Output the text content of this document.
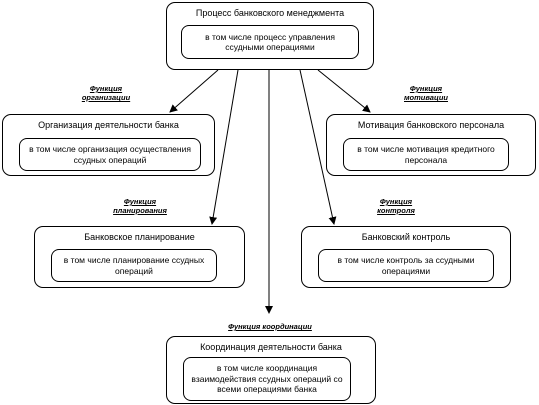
Процесс банковского менеджмента
в том числе процесс управления
ссудными операциями
Функция
организации
Функция
мотивации
Функция
планирования
Функция
контроля
Функция координации
Организация деятельности банка
в том числе организация осуществления
ссудных операций
Мотивация банковского персонала
в том числе мотивация кредитного
персонала
Банковское планирование
в том числе планирование ссудных
операций
Банковский контроль
в том числе контроль за ссудными
операциями
Координация деятельности банка
в том числе координация
взаимодействия ссудных операций со
всеми операциями банка
